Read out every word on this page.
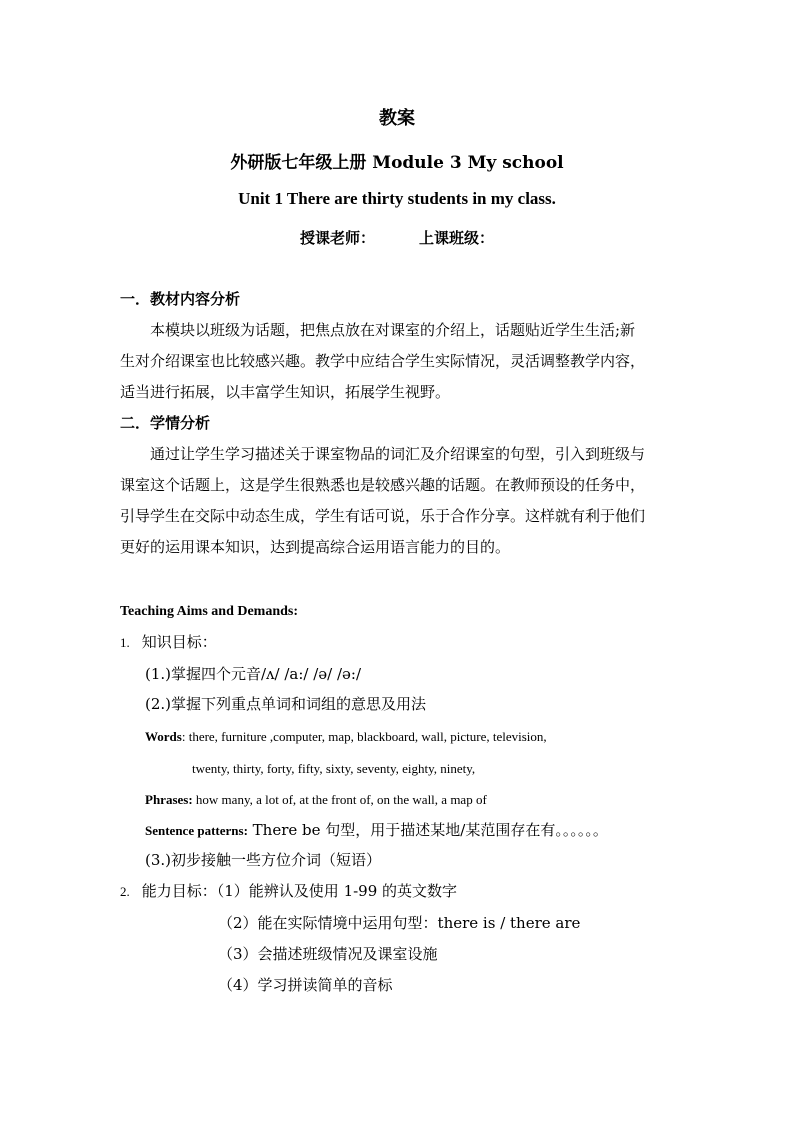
教案
外研版七年级上册 Module 3 My school
Unit 1 There are thirty students in my class.
授课老师：	上课班级：
一．教材内容分析
本模块以班级为话题，把焦点放在对课室的介绍上，话题贴近学生生活;新
生对介绍课室也比较感兴趣。教学中应结合学生实际情况，灵活调整教学内容，
适当进行拓展，以丰富学生知识，拓展学生视野。
二．学情分析
通过让学生学习描述关于课室物品的词汇及介绍课室的句型，引入到班级与
课室这个话题上，这是学生很熟悉也是较感兴趣的话题。在教师预设的任务中，
引导学生在交际中动态生成，学生有话可说，乐于合作分享。这样就有利于他们
更好的运用课本知识，达到提高综合运用语言能力的目的。
Teaching Aims and Demands:
1. 知识目标：
(1.)掌握四个元音/ʌ/ /a:/ /ə/ /ə:/
(2.)掌握下列重点单词和词组的意思及用法
Words: there, furniture ,computer, map, blackboard, wall, picture, television,
twenty, thirty, forty, fifty, sixty, seventy, eighty, ninety,
Phrases: how many, a lot of, at the front of, on the wall, a map of
Sentence patterns: There be 句型，用于描述某地/某范围存在有。。。。。。
(3.)初步接触一些方位介词（短语）
2. 能力目标：（1）能辨认及使用 1-99 的英文数字
（2）能在实际情境中运用句型：there is / there are
（3）会描述班级情况及课室设施
（4）学习拼读简单的音标
